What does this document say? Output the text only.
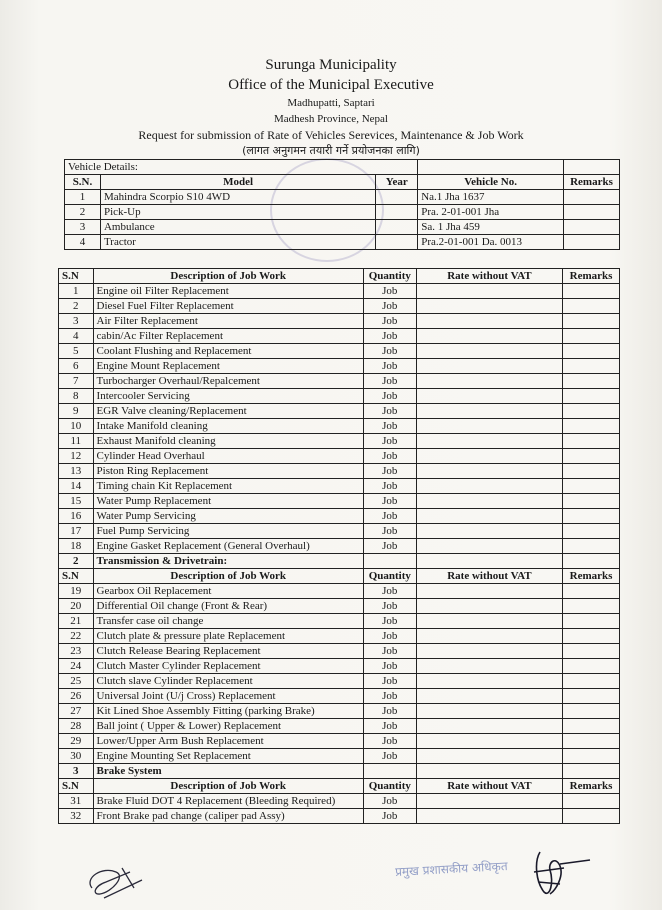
Surunga Municipality
Office of the Municipal Executive
Madhupatti, Saptari
Madhesh Province, Nepal
Request for submission of Rate of Vehicles Serevices, Maintenance & Job Work
(लागत अनुगमन तयारी गर्ने प्रयोजनका लागि)
Vehicle Details:				
S.N.	Model	Year	Vehicle No.	Remarks
1	Mahindra Scorpio S10 4WD		Na.1 Jha 1637	
2	Pick-Up		Pra. 2-01-001 Jha	
3	Ambulance		Sa. 1 Jha 459	
4	Tractor		Pra.2-01-001 Da. 0013	
S.N	Description of Job Work	Quantity	Rate without VAT	Remarks
1	Engine oil Filter Replacement	Job		
2	Diesel Fuel Filter Replacement	Job		
3	Air Filter Replacement	Job		
4	cabin/Ac Filter Replacement	Job		
5	Coolant Flushing and Replacement	Job		
6	Engine Mount Replacement	Job		
7	Turbocharger Overhaul/Repalcement	Job		
8	Intercooler Servicing	Job		
9	EGR Valve cleaning/Replacement	Job		
10	Intake Manifold cleaning	Job		
11	Exhaust Manifold cleaning	Job		
12	Cylinder Head Overhaul	Job		
13	Piston Ring Replacement	Job		
14	Timing chain Kit Replacement	Job		
15	Water Pump Replacement	Job		
16	Water Pump Servicing	Job		
17	Fuel Pump Servicing	Job		
18	Engine Gasket Replacement (General Overhaul)	Job		
2	Transmission & Drivetrain:			
S.N	Description of Job Work	Quantity	Rate without VAT	Remarks
19	Gearbox Oil Replacement	Job		
20	Differential Oil change (Front & Rear)	Job		
21	Transfer case oil change	Job		
22	Clutch plate & pressure plate Replacement	Job		
23	Clutch Release Bearing Replacement	Job		
24	Clutch Master Cylinder Replacement	Job		
25	Clutch slave Cylinder Replacement	Job		
26	Universal Joint (U/j Cross) Replacement	Job		
27	Kit Lined Shoe Assembly Fitting (parking Brake)	Job		
28	Ball joint ( Upper & Lower) Replacement	Job		
29	Lower/Upper Arm Bush Replacement	Job		
30	Engine Mounting Set Replacement	Job		
3	Brake System			
S.N	Description of Job Work	Quantity	Rate without VAT	Remarks
31	Brake Fluid DOT 4 Replacement (Bleeding Required)	Job		
32	Front Brake pad change (caliper pad Assy)	Job		
प्रमुख प्रशासकीय अधिकृत
